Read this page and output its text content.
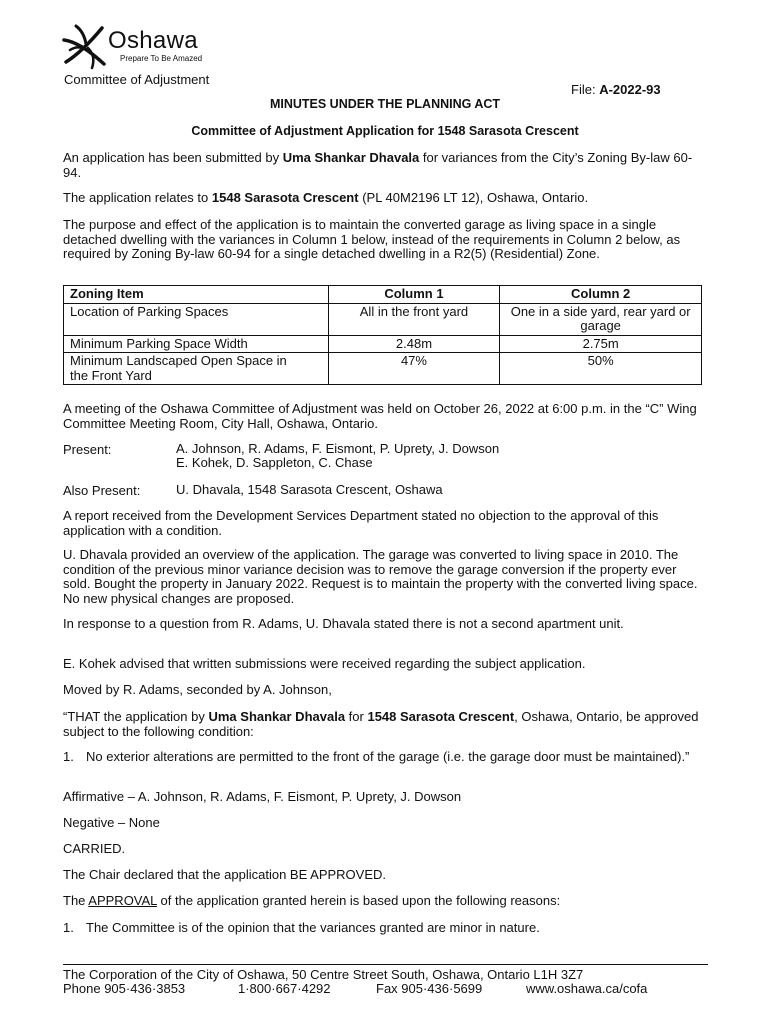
Oshawa
Prepare To Be Amazed
Committee of Adjustment
File: A-2022-93
MINUTES UNDER THE PLANNING ACT
Committee of Adjustment Application for 1548 Sarasota Crescent

An application has been submitted by Uma Shankar Dhavala for variances from the City’s Zoning By-law 60-94.

The application relates to 1548 Sarasota Crescent (PL 40M2196 LT 12), Oshawa, Ontario.

The purpose and effect of the application is to maintain the converted garage as living space in a single detached dwelling with the variances in Column 1 below, instead of the requirements in Column 2 below, as required by Zoning By-law 60-94 for a single detached dwelling in a R2(5) (Residential) Zone.

Zoning Item	Column 1	Column 2
Location of Parking Spaces	All in the front yard	One in a side yard, rear yard or garage
Minimum Parking Space Width	2.48m	2.75m
Minimum Landscaped Open Space in the Front Yard	47%	50%

A meeting of the Oshawa Committee of Adjustment was held on October 26, 2022 at 6:00 p.m. in the “C” Wing Committee Meeting Room, City Hall, Oshawa, Ontario.

Present:	A. Johnson, R. Adams, F. Eismont, P. Uprety, J. Dowson
E. Kohek, D. Sappleton, C. Chase
Also Present:	U. Dhavala, 1548 Sarasota Crescent, Oshawa

A report received from the Development Services Department stated no objection to the approval of this application with a condition.

U. Dhavala provided an overview of the application. The garage was converted to living space in 2010. The condition of the previous minor variance decision was to remove the garage conversion if the property ever sold. Bought the property in January 2022. Request is to maintain the property with the converted living space. No new physical changes are proposed.

In response to a question from R. Adams, U. Dhavala stated there is not a second apartment unit.

E. Kohek advised that written submissions were received regarding the subject application.

Moved by R. Adams, seconded by A. Johnson,

“THAT the application by Uma Shankar Dhavala for 1548 Sarasota Crescent, Oshawa, Ontario, be approved subject to the following condition:

1. No exterior alterations are permitted to the front of the garage (i.e. the garage door must be maintained).”

Affirmative – A. Johnson, R. Adams, F. Eismont, P. Uprety, J. Dowson

Negative – None

CARRIED.

The Chair declared that the application BE APPROVED.

The APPROVAL of the application granted herein is based upon the following reasons:

1. The Committee is of the opinion that the variances granted are minor in nature.
The Corporation of the City of Oshawa, 50 Centre Street South, Oshawa, Ontario L1H 3Z7
Phone 905·436·3853	1·800·667·4292	Fax 905·436·5699	www.oshawa.ca/cofa
